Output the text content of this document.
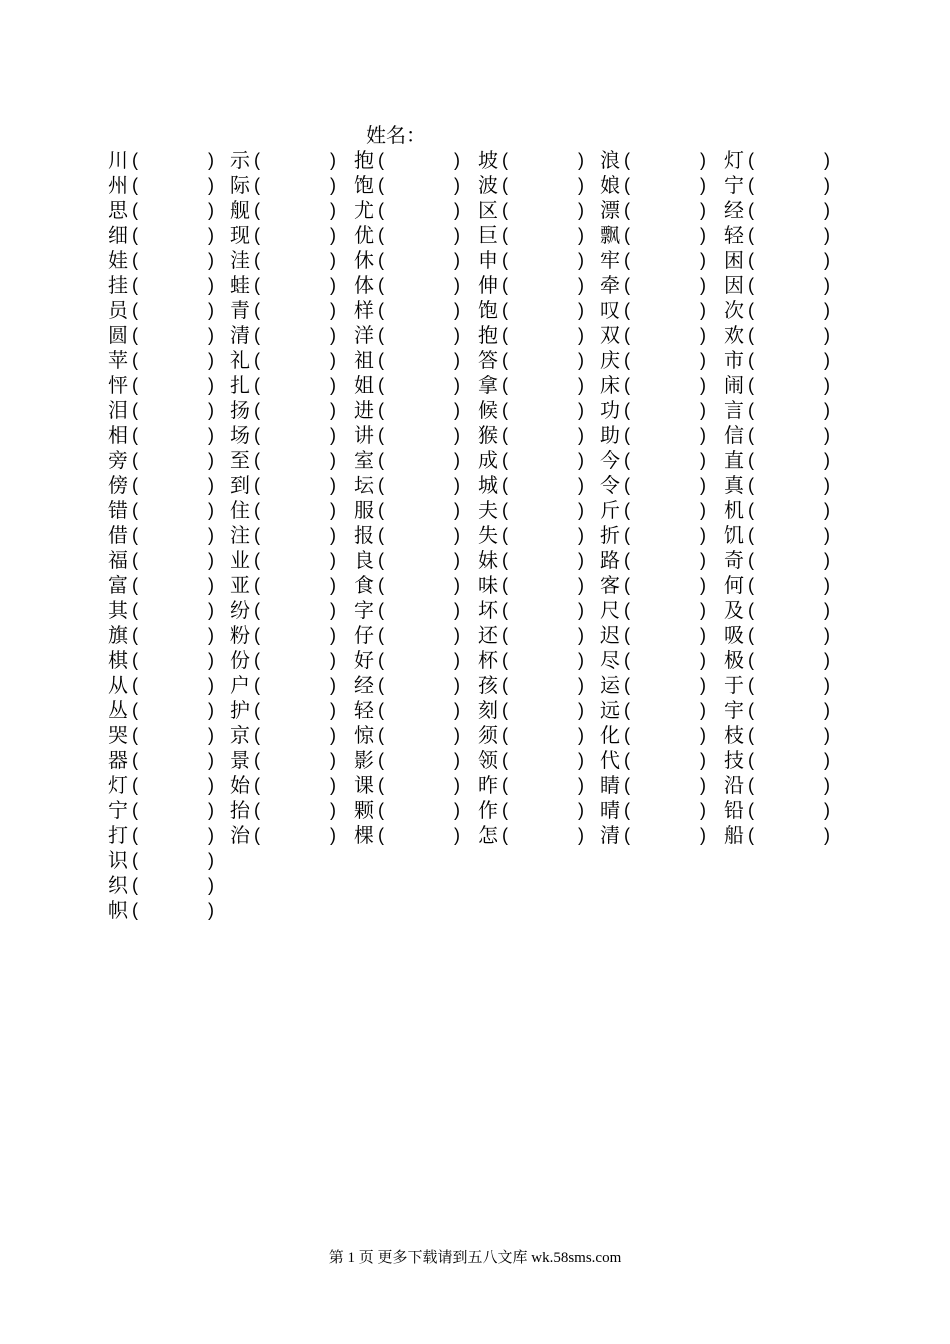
姓名：
川 (	) 示 (	) 抱 (	) 坡 (	) 浪 (	) 灯 (	)
州 (	) 际 (	) 饱 (	) 波 (	) 娘 (	) 宁 (	)
思 (	) 舰 (	) 尤 (	) 区 (	) 漂 (	) 经 (	)
细 (	) 现 (	) 优 (	) 巨 (	) 飘 (	) 轻 (	)
娃 (	) 洼 (	) 休 (	) 申 (	) 牢 (	) 困 (	)
挂 (	) 蛙 (	) 体 (	) 伸 (	) 牵 (	) 因 (	)
员 (	) 青 (	) 样 (	) 饱 (	) 叹 (	) 次 (	)
圆 (	) 清 (	) 洋 (	) 抱 (	) 双 (	) 欢 (	)
苹 (	) 礼 (	) 祖 (	) 答 (	) 庆 (	) 市 (	)
怦 (	) 扎 (	) 姐 (	) 拿 (	) 床 (	) 闹 (	)
泪 (	) 扬 (	) 进 (	) 候 (	) 功 (	) 言 (	)
相 (	) 场 (	) 讲 (	) 猴 (	) 助 (	) 信 (	)
旁 (	) 至 (	) 室 (	) 成 (	) 今 (	) 直 (	)
傍 (	) 到 (	) 坛 (	) 城 (	) 令 (	) 真 (	)
错 (	) 住 (	) 服 (	) 夫 (	) 斤 (	) 机 (	)
借 (	) 注 (	) 报 (	) 失 (	) 折 (	) 饥 (	)
福 (	) 业 (	) 良 (	) 妹 (	) 路 (	) 奇 (	)
富 (	) 亚 (	) 食 (	) 味 (	) 客 (	) 何 (	)
其 (	) 纷 (	) 字 (	) 坏 (	) 尺 (	) 及 (	)
旗 (	) 粉 (	) 仔 (	) 还 (	) 迟 (	) 吸 (	)
棋 (	) 份 (	) 好 (	) 杯 (	) 尽 (	) 极 (	)
从 (	) 户 (	) 经 (	) 孩 (	) 运 (	) 于 (	)
丛 (	) 护 (	) 轻 (	) 刻 (	) 远 (	) 宇 (	)
哭 (	) 京 (	) 惊 (	) 须 (	) 化 (	) 枝 (	)
器 (	) 景 (	) 影 (	) 领 (	) 代 (	) 技 (	)
灯 (	) 始 (	) 课 (	) 昨 (	) 睛 (	) 沿 (	)
宁 (	) 抬 (	) 颗 (	) 作 (	) 晴 (	) 铅 (	)
打 (	) 治 (	) 棵 (	) 怎 (	) 清 (	) 船 (	)
识 (	)
织 (	)
帜 (	)
第 1 页 更多下载请到五八文库 wk.58sms.com
